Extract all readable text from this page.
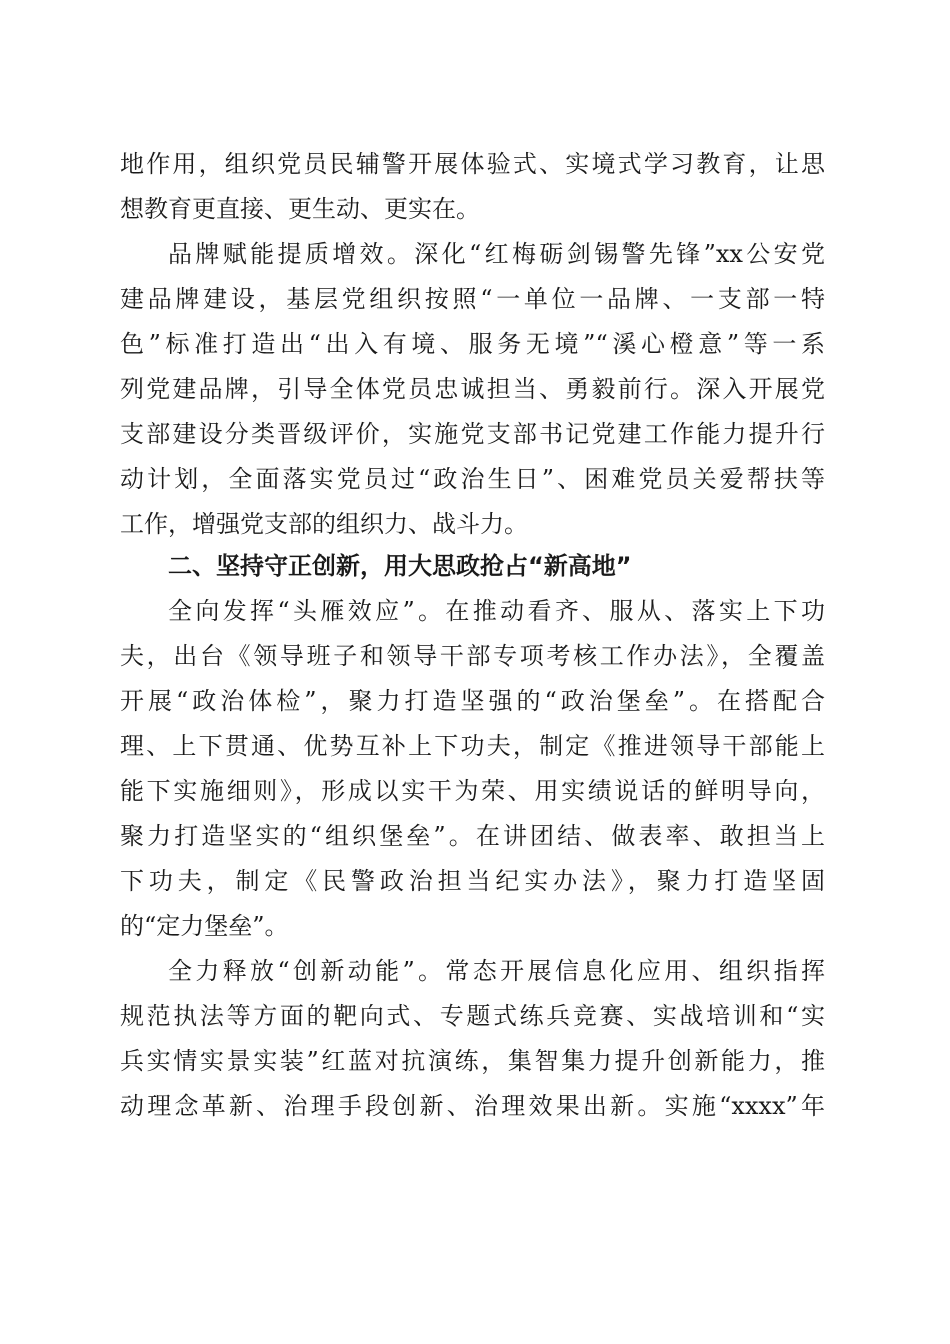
地作用，组织党员民辅警开展体验式、实境式学习教育，让思
想教育更直接、更生动、更实在。
品牌赋能提质增效。深化“红梅砺剑锡警先锋”xx公安党
建品牌建设，基层党组织按照“一单位一品牌、一支部一特
色”标准打造出“出入有境、服务无境”“溪心橙意”等一系
列党建品牌，引导全体党员忠诚担当、勇毅前行。深入开展党
支部建设分类晋级评价，实施党支部书记党建工作能力提升行
动计划，全面落实党员过“政治生日”、困难党员关爱帮扶等
工作，增强党支部的组织力、战斗力。
二、坚持守正创新，用大思政抢占“新高地”
全向发挥“头雁效应”。在推动看齐、服从、落实上下功
夫，出台《领导班子和领导干部专项考核工作办法》，全覆盖
开展“政治体检”，聚力打造坚强的“政治堡垒”。在搭配合
理、上下贯通、优势互补上下功夫，制定《推进领导干部能上
能下实施细则》，形成以实干为荣、用实绩说话的鲜明导向，
聚力打造坚实的“组织堡垒”。在讲团结、做表率、敢担当上
下功夫，制定《民警政治担当纪实办法》，聚力打造坚固
的“定力堡垒”。
全力释放“创新动能”。常态开展信息化应用、组织指挥
规范执法等方面的靶向式、专题式练兵竞赛、实战培训和“实
兵实情实景实装”红蓝对抗演练，集智集力提升创新能力，推
动理念革新、治理手段创新、治理效果出新。实施“xxxx”年
